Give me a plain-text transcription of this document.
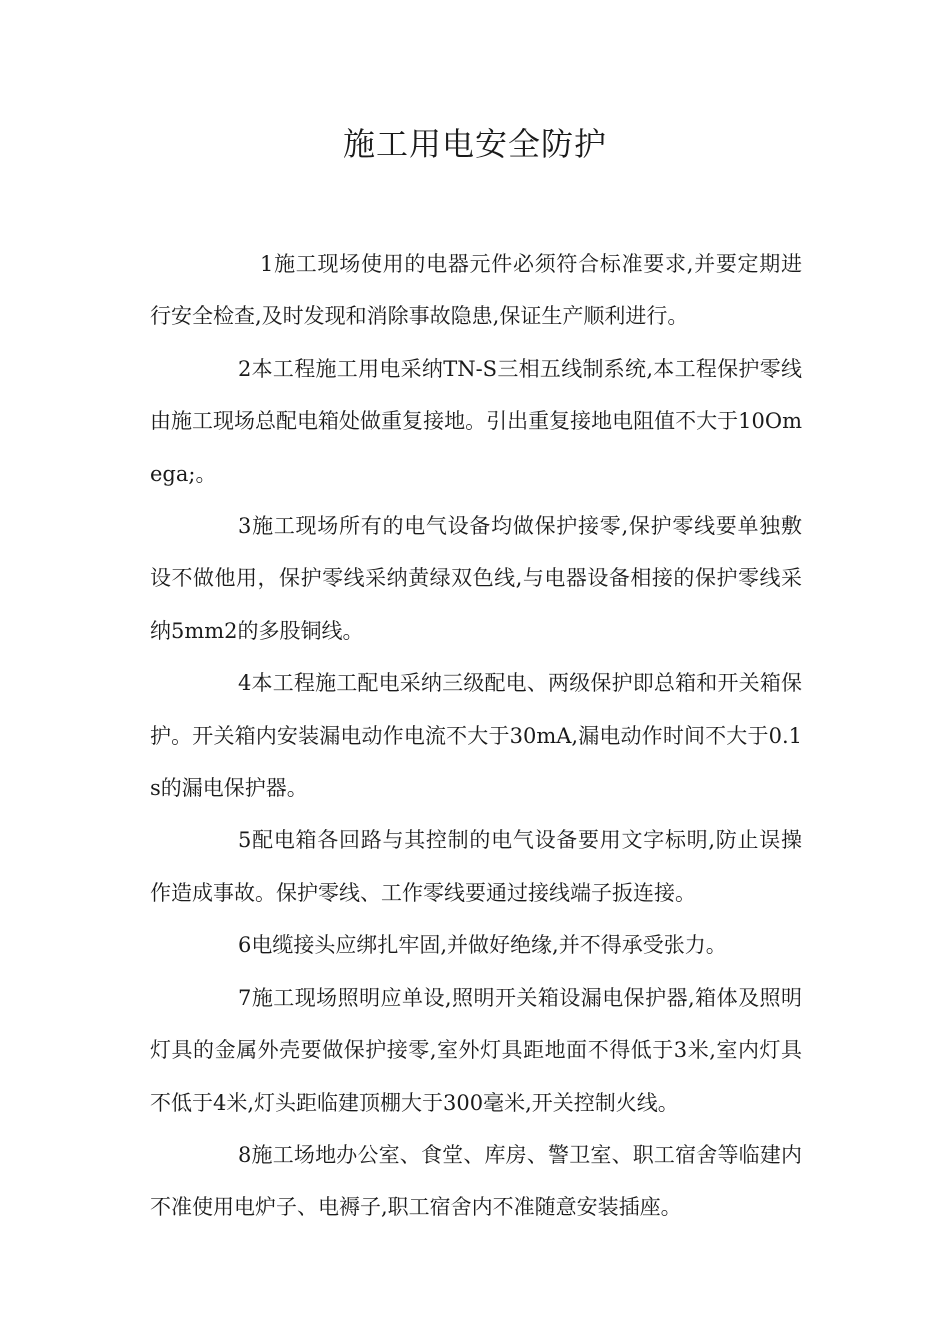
施工用电安全防护

1施工现场使用的电器元件必须符合标准要求,并要定期进行安全检查,及时发现和消除事故隐患,保证生产顺利进行。

2本工程施工用电采纳TN-S三相五线制系统,本工程保护零线由施工现场总配电箱处做重复接地。引出重复接地电阻值不大于10Omega;。

3施工现场所有的电气设备均做保护接零,保护零线要单独敷设不做他用，保护零线采纳黄绿双色线,与电器设备相接的保护零线采纳5mm2的多股铜线。

4本工程施工配电采纳三级配电、两级保护即总箱和开关箱保护。开关箱内安装漏电动作电流不大于30mA,漏电动作时间不大于0.1s的漏电保护器。

5配电箱各回路与其控制的电气设备要用文字标明,防止误操作造成事故。保护零线、工作零线要通过接线端子扳连接。

6电缆接头应绑扎牢固,并做好绝缘,并不得承受张力。

7施工现场照明应单设,照明开关箱设漏电保护器,箱体及照明灯具的金属外壳要做保护接零,室外灯具距地面不得低于3米,室内灯具不低于4米,灯头距临建顶棚大于300毫米,开关控制火线。

8施工场地办公室、食堂、库房、警卫室、职工宿舍等临建内不准使用电炉子、电褥子,职工宿舍内不准随意安装插座。
